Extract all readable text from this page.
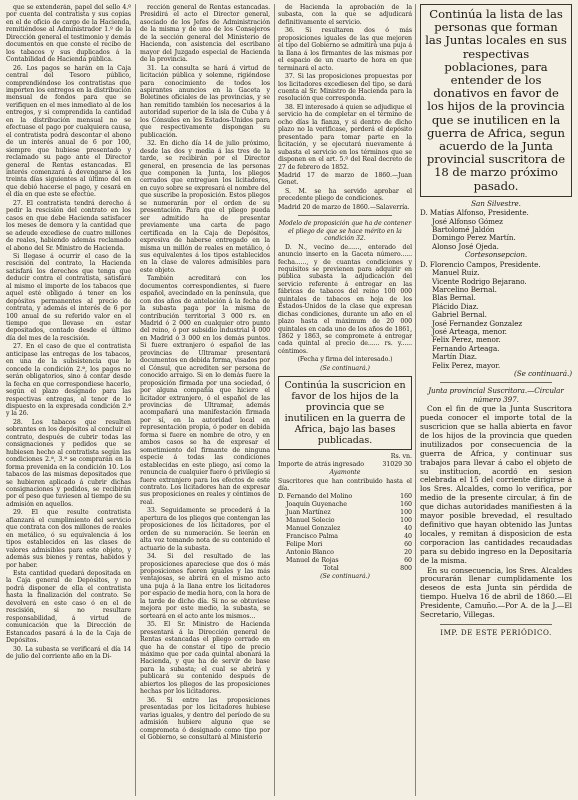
que se extenderán, papel del sello 4.º por cuenta del contratista y sus copias en el de oficio de cargo de la Hacienda, remitiéndose al Administrador 1.º de la Dirección general el testimonio y demás documentos en que conste el recibo de los tabacos y sus duplicados á la Contabilidad de Hacienda pública.

26. Los pagos se harán en la Caja central del Tesoro público, comprendiéndose los contratistas que importen los entregos en la distribución mensual de fondos para que se verifiquen en el mes inmediato al de los entregos, y si comprendida la cantidad en la distribución mensual no se efectuase el pago por cualquiera causa, el contratista podrá descontar el abono de un interés anual de 6 por 100, siempre que hubiese presentado y reclamado su pago ante el Director general de Rentas estancadas. El interés comenzará á devengarse á los treinta días siguientes al último del en que debió hacerse el pago, y cesará en el día en que este se efectúe.

27. El contratista tendrá derecho á pedir la rescisión del contrato en los casos en que debe Hacienda satisfacer los meses de demora y la cantidad que se adeude excediese de cuatro millones de reales, habiendo además reclamado el abono del Sr. Ministro de Hacienda.

Si llegase á ocurrir el caso de la rescisión del contrato, la Hacienda satisfará los derechos que tenga que deducir contra el contratista, satisfará al mismo el importe de los tabacos que aquel esté obligado á tener en los depósitos permanentes al precio de contrata, y además el interés de 6 por 100 anual de su referido valor en el tiempo que llevase en estar depositados, contado desde el último día del mes de la rescisión.

27. En el caso de que el contratista anticipase las entregas de los tabacos, en una de la subsistencia que le concede la condición 2.ª, los pagos no serán obligatorios, sino á contar desde la fecha en que correspondiese hacerlo, según el plazo designado para las respectivas entregas, al tenor de lo dispuesto en la expresada condición 2.ª y la 26.

28. Los tabacos que resulten sobrantes en los depósitos al concluir el contrato, después de cubrir todas las consignaciones y pedidos que se hubiesen hecho al contratista según las condiciones 2.ª, 3.ª se comprarán en la forma prevenida en la condición 10. Los tabacos de las mismas depositados que se hubieren aplicado á cubrir dichas consignaciones y pedidos, se recibirán por el peso que tuviesen al tiempo de su admisión en aquellos.

29. El que resulte contratista afianzará el cumplimiento del servicio que contrata con dos millones de reales en metálico, ó su equivalencia á los tipos establecidos en las clases de valores admisibles para este objeto, y además sus bienes y rentas, habidos y por haber.

Esta cantidad quedará depositada en la Caja general de Depósitos, y no podrá disponer de ella el contratista hasta la finalización del contrato. Se devolverá en este caso ó en el de rescisión, si no resultare responsabilidad, á virtud de comunicación que la Dirección de Estancados pasará á la de la Caja de Depósitos.

30. La subasta se verificará el día 14 de julio del corriente año en la Di-

rección general de Rentas estancadas. Presidirá el acto el Director general, asociado de los Jefes de Administración de la misma y de uno de los Consejeros de la sección general del Ministerio de Hacienda, con asistencia del escribano mayor del Juzgado especial de Hacienda de la provincia.

31. La consulta se hará á virtud de licitación pública y solemne, rigiéndose para conocimiento de todos los aspirantes anuncios en la Gaceta y Boletines oficiales de las provincias, y se han remitido también los necesarios á la autoridad superior de la isla de Cuba y á los Cónsules en los Estados-Unidos para que respectivamente dispongan su publicación.

32. En dicho día 14 de julio próximo, desde las dos y media á las tres de la tarde, se recibirán por el Director general, en presencia de las personas que componen la Junta, los pliegos cerrados que entreguen los licitadores, en cuyo sobre se expresará el nombre del que suscribe la proposición. Estos pliegos se numerarán por el orden de su presentación. Para que el pliego pueda ser admitido ha de presentar previamente una carta de pago certificada en la Caja de Depósitos, expresiva de haberse entregado en la misma un millón de reales en metálico, ó sus equivalentes á los tipos establecidos en la clase de valores admisibles para este objeto.

También acreditará con los documentos correspondientes, si fuere español, avecindado en la península, que con dos años de antelación á la fecha de la subasta paga por la misma de contribución territorial 3 000 rs. en Madrid ó 2 000 en cualquier otro punto del reino, ó por subsidio industrial 4 000 en Madrid ó 3 000 en los demás puntos. Si fuere extranjero ó español de las provincias de Ultramar presentará documentos en debida forma, visados por el Cónsul, que acrediten ser persona de conocido arraigo. Si en lo demás fuere la proposición firmada por una sociedad, ó por alguna compañía que hiciere el licitador extranjero, ó el español de las provincias de Ultramar, además acompañará una manifestación firmada por sí, en la autoridad local en representación propia, ó poder en debida forma si fuere en nombre de otro, y en ambos casos se ha de expresar el sometimiento del firmante de ninguna especie á todas las condiciones establecidas en este pliego, así como la renuncia de cualquier fuero ó privilegio si fuere extranjero para los efectos de este contrato. Los licitadores han de expresar sus proposiciones en reales y céntimos de real.

33. Seguidamente se procederá á la apertura de los pliegos que contengan las proposiciones de los licitadores, por el orden de su numeración. Se leerán en alta voz tomando nota de su contenido el actuario de la subasta.

34. Si del resultado de las proposiciones apareciese que dos ó más proposiciones fueren iguales y las más ventajosas, se abrirá en el mismo acto una puja á la llana entre los licitadores por espacio de media hora, con la hora de la tarde de dicho día. Si no se obtuviese mejora por este medio, la subasta, se sorteará en el acto ante los mismos...

35. El Sr. Ministro de Hacienda presentará á la Dirección general de Rentas estancadas el pliego cerrado en que ha de constar el tipo de precio máximo que por cada quintal abonará la Hacienda, y que ha de servir de base para la subasta; el cual se abrirá y publicará su contenido después de abiertos los pliegos de las proposiciones hechas por los licitadores.

36. Si entre las proposiciones presentadas por los licitadores hubiese varias iguales, y dentro del período de su admisión hubiere alguno que se comprometa ó designado como tipo por el Gobierno, se consultará al Ministerio

de Hacienda la aprobación de la subasta, con la que se adjudicará definitivamente el servicio.

36. Si resultaren dos ó más proposiciones iguales de las que mejoren el tipo del Gobierno se admitirá una puja á la llana á los firmantes de las mismas por el espacio de un cuarto de hora en que terminará el acto.

37. Si las proposiciones propuestas por los licitadores excediesen del tipo, se dará cuenta al Sr. Ministro de Hacienda para la resolución que corresponda.

38. El interesado á quien se adjudique el servicio ha de completar en el término de ocho días la fianza, y si dentro de dicho plazo no la verificase, perderá el depósito presentado para tomar parte en la licitación, y se ejecutará nuevamente á subasta el servicio en los términos que se disponen en el art. 5.º del Real decreto de 27 de febrero de 1852.

Madrid 17 de marzo de 1860.—Juan Genet.

S. M. se ha servido aprobar el precedente pliego de condiciones.

Madrid 20 de marzo de 1860.—Salaverría.

Modelo de proposición que ha de contener el pliego de que se hace mérito en la condición 32.

D. N., vecino de......, enterado del anuncio inserto en la Gaceta número...... fecha......, y de cuantas condiciones y requisitos se previenen para adquirir en pública subasta la adjudicación del servicio referente á entregar en las fábricas de tabacos del reino 100 000 quintales de tabacos en hoja de los Estados-Unidos de la clase que expresan dichas condiciones, durante un año en el plazo hasta el máximum de 20 000 quintales en cada uno de los años de 1861, 1862 y 1863, se compromete á entregar cada quintal al precio de...... rs. y...... céntimos.

(Fecha y firma del interesado.)

(Se continuará.)

Continúa la suscricion en favor de los hijos de la provincia que se inutilicen en la guerra de Africa, bajo las bases publicadas.
	Rs. vn.
Importe de atrás ingresado	31029 30

Ayamonte

Suscritores que han contribuido hasta el día.

D. Fernando del Molino	160
Joaquín Guyenache	160
Juan Martínez	100
Manuel Solecio	100
Manuel Gonzalez	40
Francisco Palma	40
Felipe Mori	60
Antonio Blanco	20
Manuel de Rojas	60
Total	800

(Se continuará.)

Continúa la lista de las personas que forman las Juntas locales en sus respectivas poblaciones, para entender de los donativos en favor de los hijos de la provincia que se inutilicen en la guerra de Africa, segun acuerdo de la Junta provincial suscritora de 18 de marzo próximo pasado.

San Silvestre.

D. Matías Alfonso, Presidente.
José Alfonso Gómez
Bartolomé Jaldón
Domingo Perez Martín.
Alonso José Ojeda.

Cortesonsepcion.

D. Florencio Campos, Presidente.
Manuel Ruiz.
Vicente Rodrigo Bejarano.
Marcelino Bernal.
Blas Bernal.
Plácido Diaz.
Gabriel Bernal.
José Fernandez Gonzalez
José Arteaga, menor.
Felix Perez, menor.
Fernando Arteaga.
Martín Diaz.
Felix Perez, mayor.

(Se continuará.)

Junta provincial Suscritora.—Circular número 397.

Con el fin de que la Junta Suscritora pueda conocer el importe total de la suscricion que se halla abierta en favor de los hijos de la provincia que queden inutilizados por consecuencia de la guerra de Africa, y continuar sus trabajos para llevar á cabo el objeto de su institucion, acordó en sesion celebrada el 15 del corriente dirigirse á los Sres. Alcaldes, como lo verifica, por medio de la presente circular, á fin de que dichas autoridades manifiesten á la mayor posible brevedad, el resultado definitivo que hayan obtenido las Juntas locales, y remitan á disposicion de esta corporacion las cantidades recaudadas para su debido ingreso en la Depositaría de la misma.

En su consecuencia, los Sres. Alcaldes procurarán llenar cumplidamente los deseos de esta Junta sin pérdida de tiempo. Huelva 16 de abril de 1860.—El Presidente, Camuño.—Por A. de la J.—El Secretario, Villegas.

IMP. DE ESTE PERIÓDICO.
